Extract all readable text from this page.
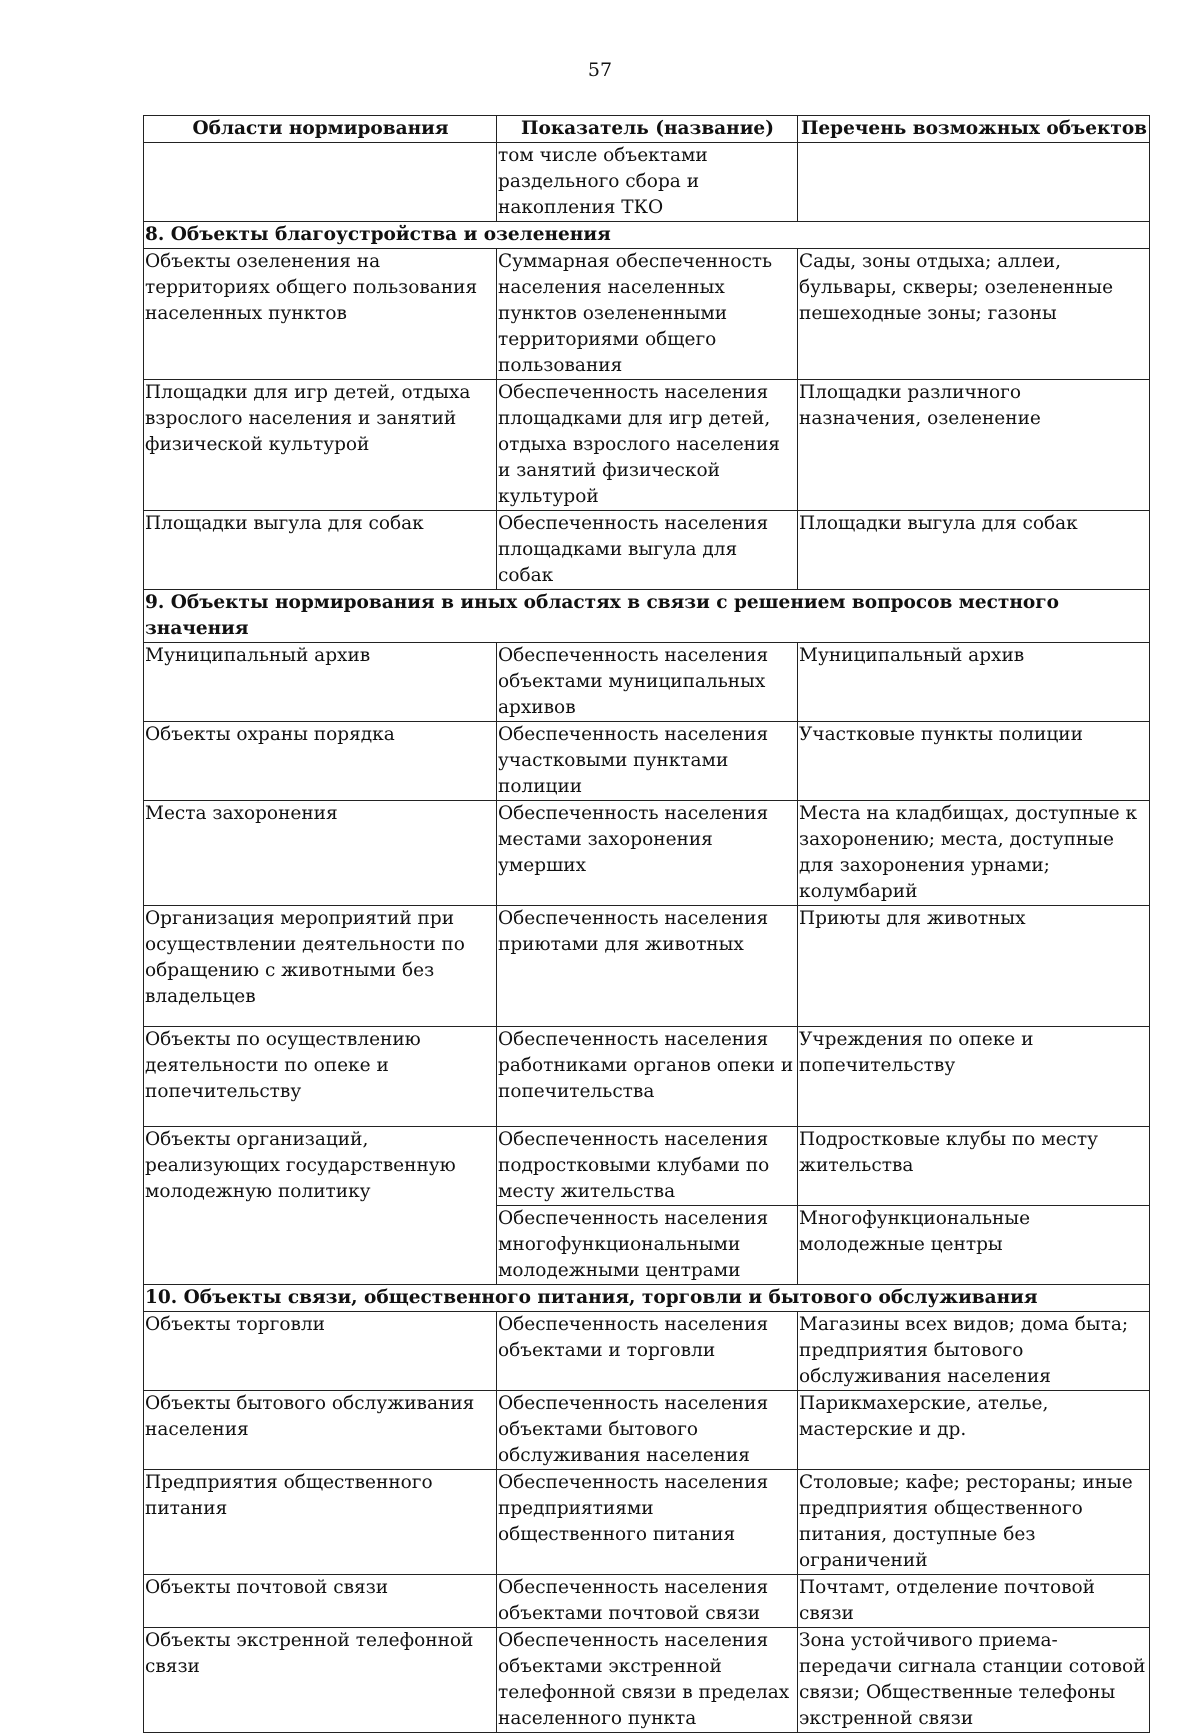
57
Области нормирования	Показатель (название)	Перечень возможных объектов
	том числе объектами раздельного сбора и накопления ТКО	
8. Объекты благоустройства и озеленения		
Объекты озеленения на территориях общего пользования населенных пунктов	Суммарная обеспеченность населения населенных пунктов озелененными территориями общего пользования	Сады, зоны отдыха; аллеи, бульвары, скверы; озелененные пешеходные зоны; газоны
Площадки для игр детей, отдыха взрослого населения и занятий физической культурой	Обеспеченность населения площадками для игр детей, отдыха взрослого населения и занятий физической культурой	Площадки различного назначения, озеленение
Площадки выгула для собак	Обеспеченность населения площадками выгула для собак	Площадки выгула для собак
9. Объекты нормирования в иных областях в связи с решением вопросов местного значения		
Муниципальный архив	Обеспеченность населения объектами муниципальных архивов	Муниципальный архив
Объекты охраны порядка	Обеспеченность населения участковыми пунктами полиции	Участковые пункты полиции
Места захоронения	Обеспеченность населения местами захоронения умерших	Места на кладбищах, доступные к захоронению; места, доступные для захоронения урнами; колумбарий
Организация мероприятий при осуществлении деятельности по обращению с животными без владельцев	Обеспеченность населения приютами для животных	Приюты для животных
Объекты по осуществлению деятельности по опеке и попечительству	Обеспеченность населения работниками органов опеки и попечительства	Учреждения по опеке и попечительству
Объекты организаций, реализующих государственную молодежную политику	Обеспеченность населения подростковыми клубами по месту жительства	Подростковые клубы по месту жительства
	Обеспеченность населения многофункциональными молодежными центрами	Многофункциональные молодежные центры
10. Объекты связи, общественного питания, торговли и бытового обслуживания		
Объекты торговли	Обеспеченность населения объектами и торговли	Магазины всех видов; дома быта; предприятия бытового обслуживания населения
Объекты бытового обслуживания населения	Обеспеченность населения объектами бытового обслуживания населения	Парикмахерские, ателье, мастерские и др.
Предприятия общественного питания	Обеспеченность населения предприятиями общественного питания	Столовые; кафе; рестораны; иные предприятия общественного питания, доступные без ограничений
Объекты почтовой связи	Обеспеченность населения объектами почтовой связи	Почтамт, отделение почтовой связи
Объекты экстренной телефонной связи	Обеспеченность населения объектами экстренной телефонной связи в пределах населенного пункта	Зона устойчивого приема-передачи сигнала станции сотовой связи; Общественные телефоны экстренной связи
